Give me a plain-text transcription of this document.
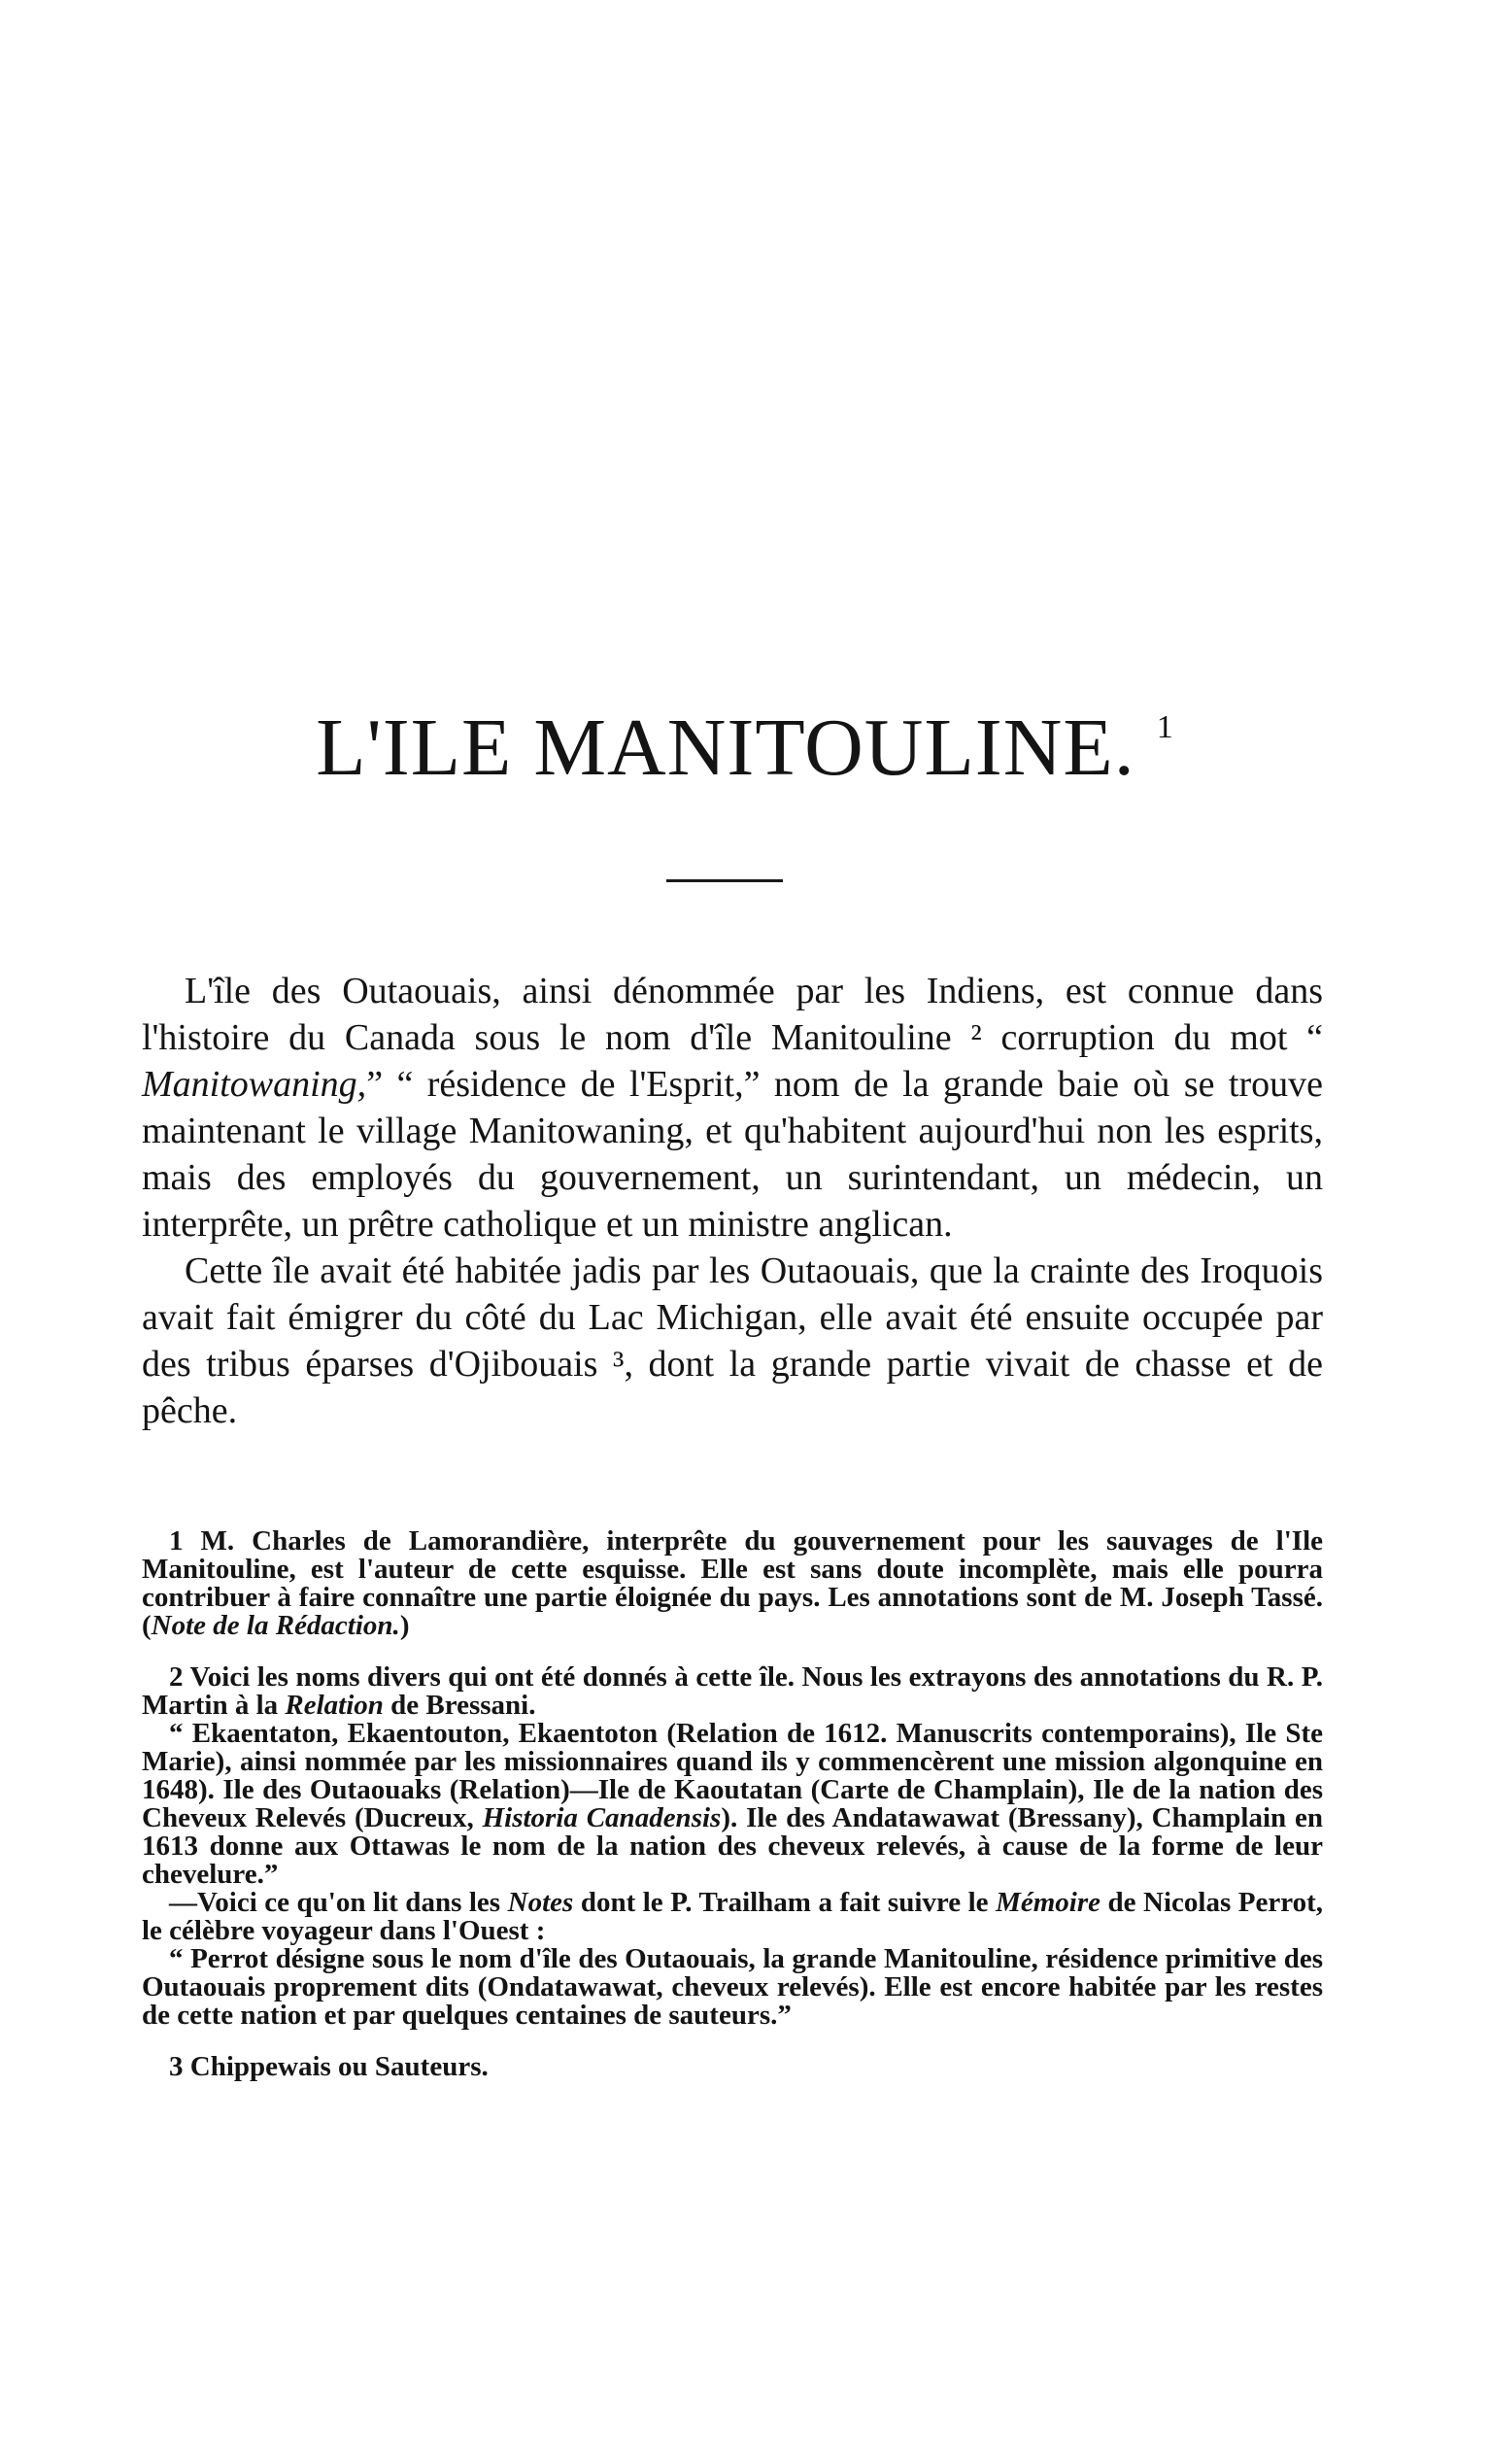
L'ILE MANITOULINE. $^1$

L'île des Outaouais, ainsi dénommée par les Indiens, est connue dans l'histoire du Canada sous le nom d'île Manitouline ² corruption du mot “ Manitowaning,” “ résidence de l'Esprit,” nom de la grande baie où se trouve maintenant le village Manitowaning, et qu'habitent aujourd'hui non les esprits, mais des employés du gouvernement, un surintendant, un médecin, un interprête, un prêtre catholique et un ministre anglican.

Cette île avait été habitée jadis par les Outaouais, que la crainte des Iroquois avait fait émigrer du côté du Lac Michigan, elle avait été ensuite occupée par des tribus éparses d'Ojibouais ³, dont la grande partie vivait de chasse et de pêche.

1 M. Charles de Lamorandière, interprête du gouvernement pour les sauvages de l'Ile Manitouline, est l'auteur de cette esquisse. Elle est sans doute incomplète, mais elle pourra contribuer à faire connaître une partie éloignée du pays. Les annotations sont de M. Joseph Tassé. (Note de la Rédaction.)

2 Voici les noms divers qui ont été donnés à cette île. Nous les extrayons des annotations du R. P. Martin à la Relation de Bressani.

“ Ekaentaton, Ekaentouton, Ekaentoton (Relation de 1612. Manuscrits contemporains), Ile Ste Marie), ainsi nommée par les missionnaires quand ils y commencèrent une mission algonquine en 1648). Ile des Outaouaks (Relation)—Ile de Kaoutatan (Carte de Champlain), Ile de la nation des Cheveux Relevés (Ducreux, Historia Canadensis). Ile des Andatawawat (Bressany), Champlain en 1613 donne aux Ottawas le nom de la nation des cheveux relevés, à cause de la forme de leur chevelure.”

—Voici ce qu'on lit dans les Notes dont le P. Trailham a fait suivre le Mémoire de Nicolas Perrot, le célèbre voyageur dans l'Ouest :

“ Perrot désigne sous le nom d'île des Outaouais, la grande Manitouline, résidence primitive des Outaouais proprement dits (Ondatawawat, cheveux relevés). Elle est encore habitée par les restes de cette nation et par quelques centaines de sauteurs.”

3 Chippewais ou Sauteurs.
